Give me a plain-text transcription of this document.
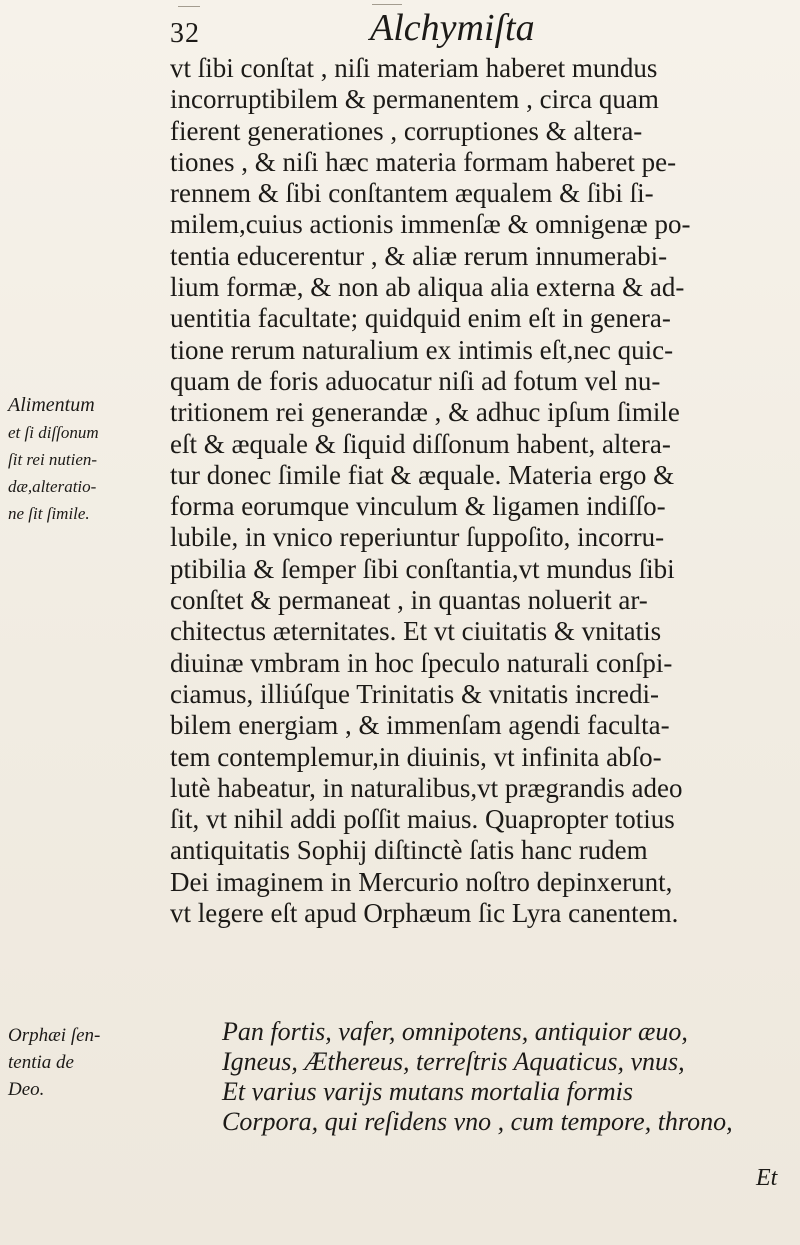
32	Alchymiſta
vt ſibi conſtat , niſi materiam haberet mundus
incorruptibilem & permanentem , circa quam
fierent generationes , corruptiones & altera-
tiones , & niſi hæc materia formam haberet pe-
rennem & ſibi conſtantem æqualem & ſibi ſi-
milem,cuius actionis immenſæ & omnigenæ po-
tentia educerentur , & aliæ rerum innumerabi-
lium formæ, & non ab aliqua alia externa & ad-
uentitia facultate; quidquid enim eſt in genera-
tione rerum naturalium ex intimis eſt,nec quic-
quam de foris aduocatur niſi ad fotum vel nu-
tritionem rei generandæ , & adhuc ipſum ſimile
eſt & æquale & ſiquid diſſonum habent, altera-
tur donec ſimile fiat & æquale. Materia ergo &
forma eorumque vinculum & ligamen indiſſo-
lubile, in vnico reperiuntur ſuppoſito, incorru-
ptibilia & ſemper ſibi conſtantia,vt mundus ſibi
conſtet & permaneat , in quantas noluerit ar-
chitectus æternitates. Et vt ciuitatis & vnitatis
diuinæ vmbram in hoc ſpeculo naturali conſpi-
ciamus, illiúſque Trinitatis & vnitatis incredi-
bilem energiam , & immenſam agendi faculta-
tem contemplemur,in diuinis, vt infinita abſo-
lutè habeatur, in naturalibus,vt prægrandis adeo
ſit, vt nihil addi poſſit maius. Quapropter totius
antiquitatis Sophij diſtinctè ſatis hanc rudem
Dei imaginem in Mercurio noſtro depinxerunt,
vt legere eſt apud Orphæum ſic Lyra canentem.
Alimentum
et ſi diſſonum
ſit rei nutien-
dæ,alteratio-
ne ſit ſimile.
Orphæi ſen-
tentia de
Deo.
Pan fortis, vafer, omnipotens, antiquior æuo,
Igneus, Æthereus, terreſtris Aquaticus, vnus,
Et varius varijs mutans mortalia formis
Corpora, qui reſidens vno , cum tempore, throno,
Et
